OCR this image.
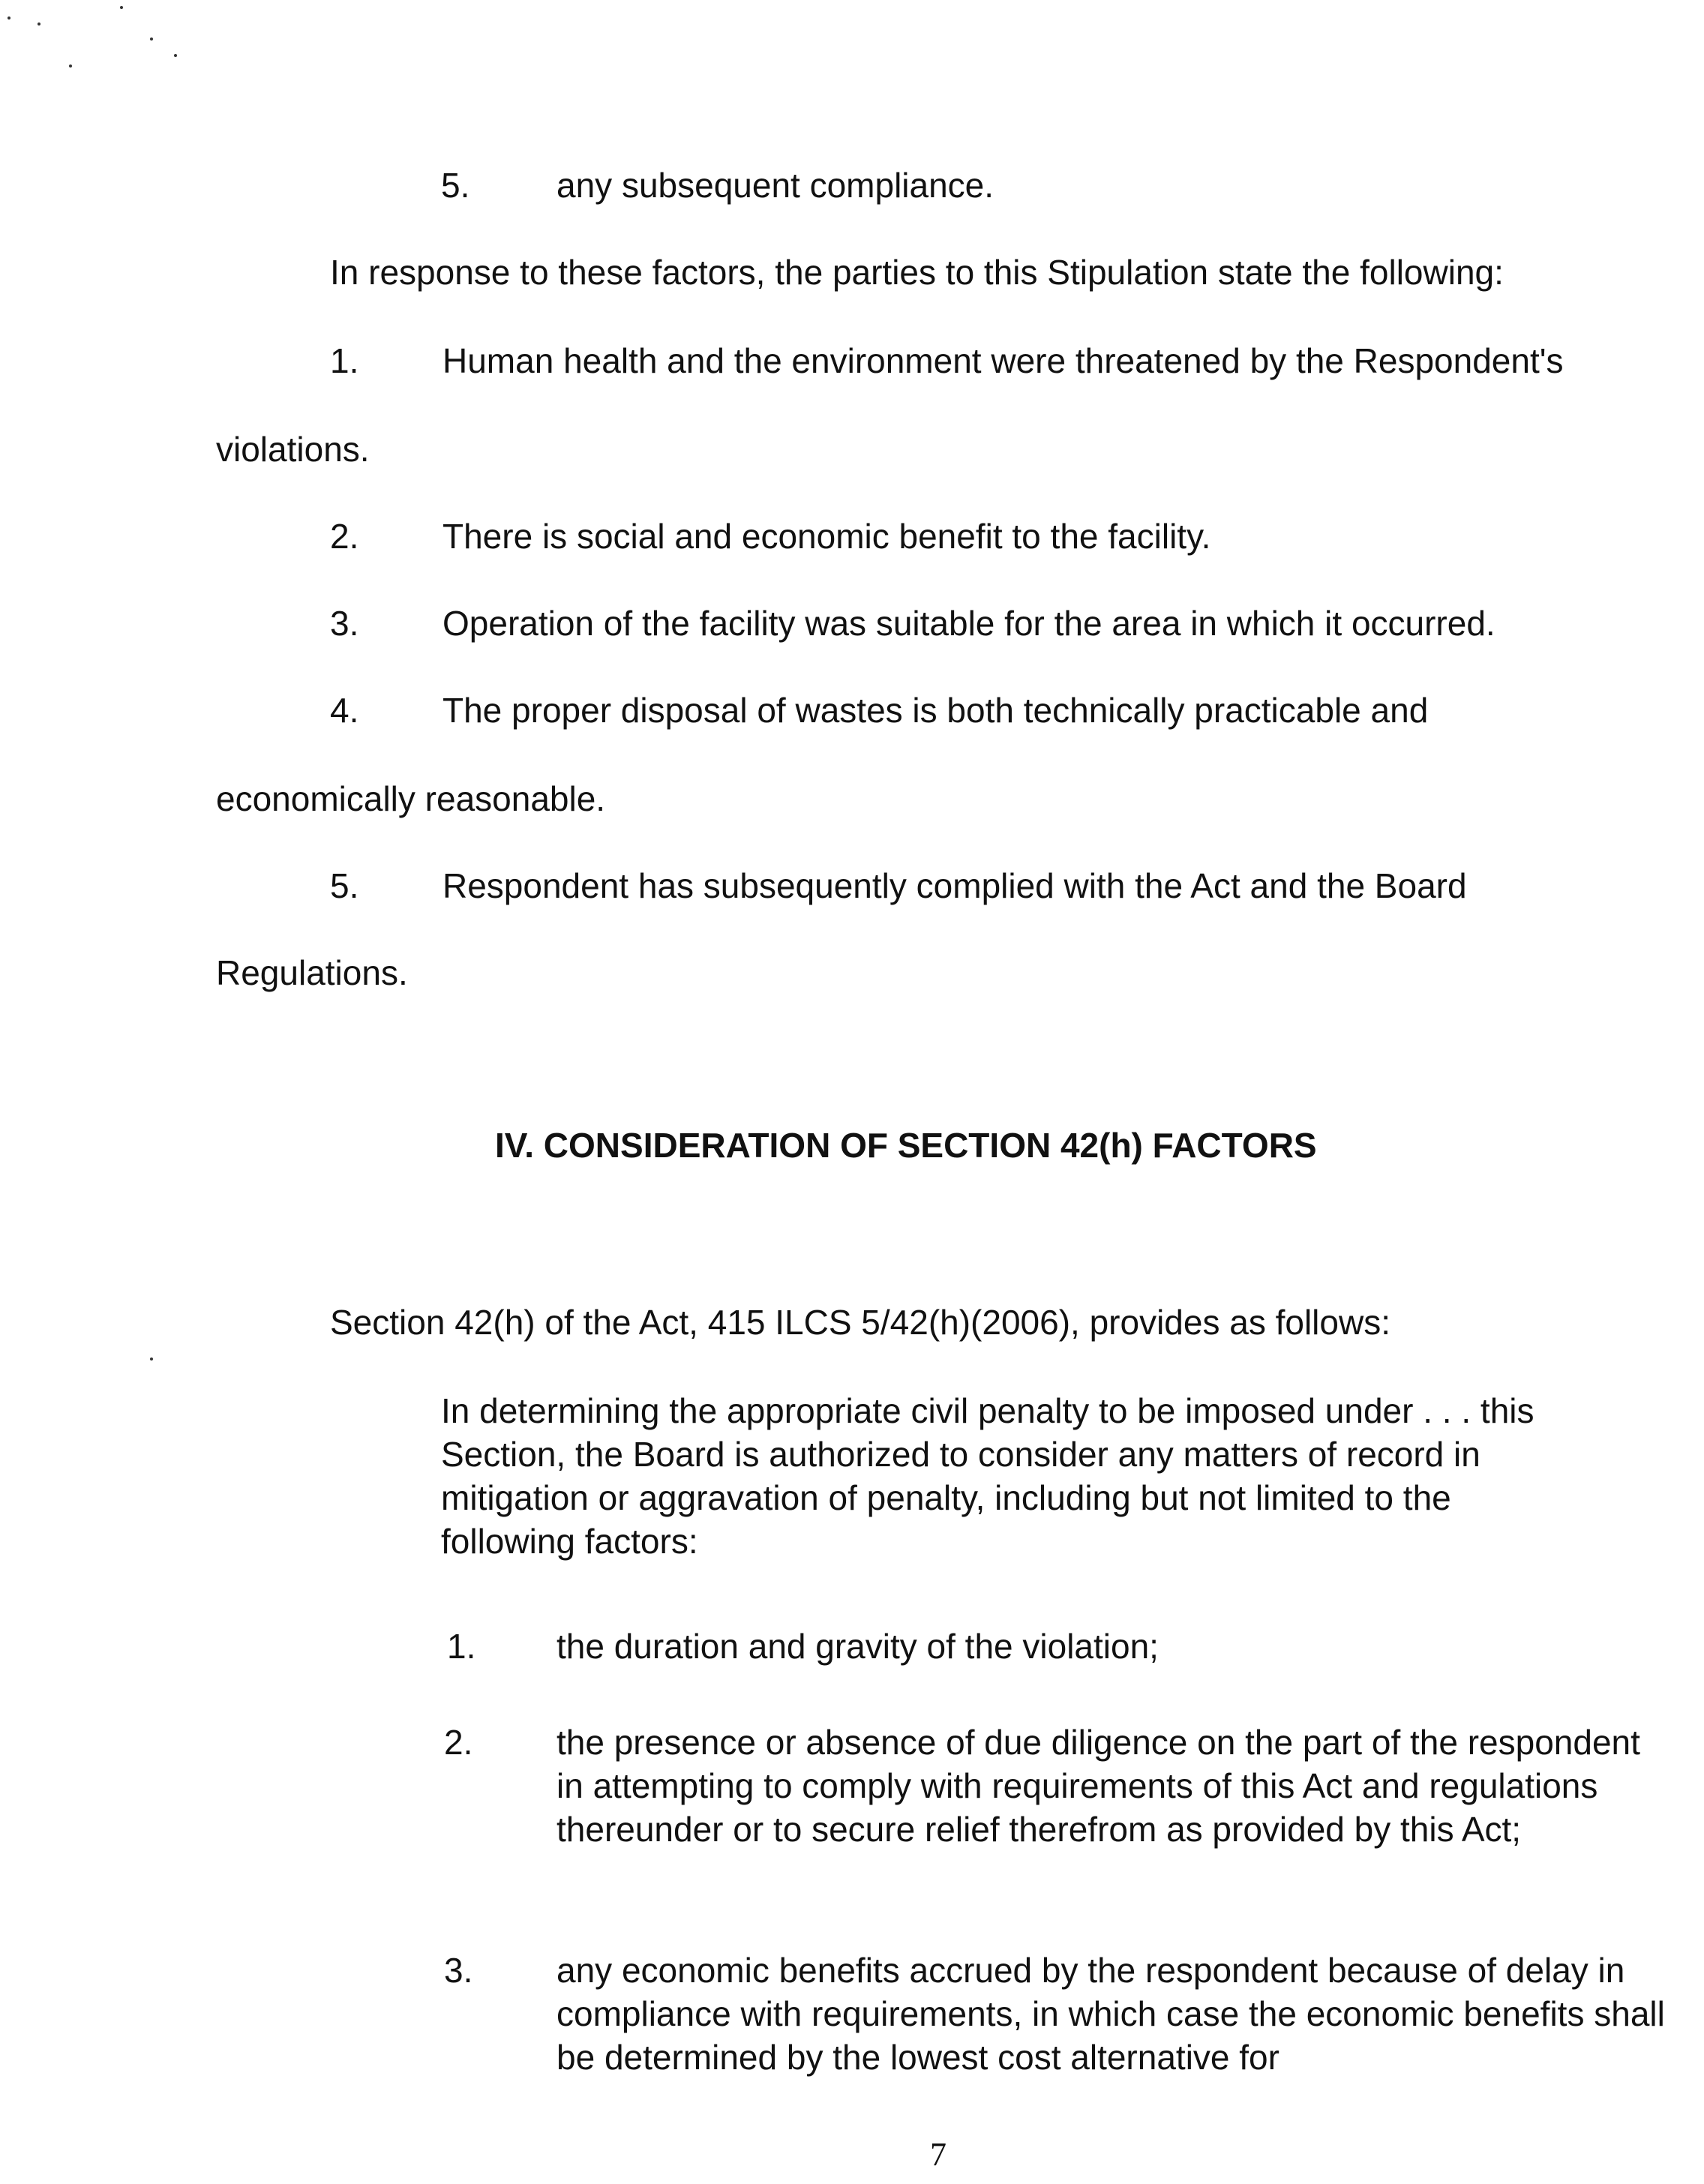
5.	any subsequent compliance.
In response to these factors, the parties to this Stipulation state the following:
1. Human health and the environment were threatened by the Respondent's
violations.
2. There is social and economic benefit to the facility.
3. Operation of the facility was suitable for the area in which it occurred.
4. The proper disposal of wastes is both technically practicable and
economically reasonable.
5. Respondent has subsequently complied with the Act and the Board
Regulations.
IV. CONSIDERATION OF SECTION 42(h) FACTORS
Section 42(h) of the Act, 415 ILCS 5/42(h)(2006), provides as follows:
In determining the appropriate civil penalty to be imposed under . . . this Section, the Board is authorized to consider any matters of record in mitigation or aggravation of penalty, including but not limited to the following factors:
1. the duration and gravity of the violation;
2. the presence or absence of due diligence on the part of the respondent in attempting to comply with requirements of this Act and regulations thereunder or to secure relief therefrom as provided by this Act;
3. any economic benefits accrued by the respondent because of delay in compliance with requirements, in which case the economic benefits shall be determined by the lowest cost alternative for
7
